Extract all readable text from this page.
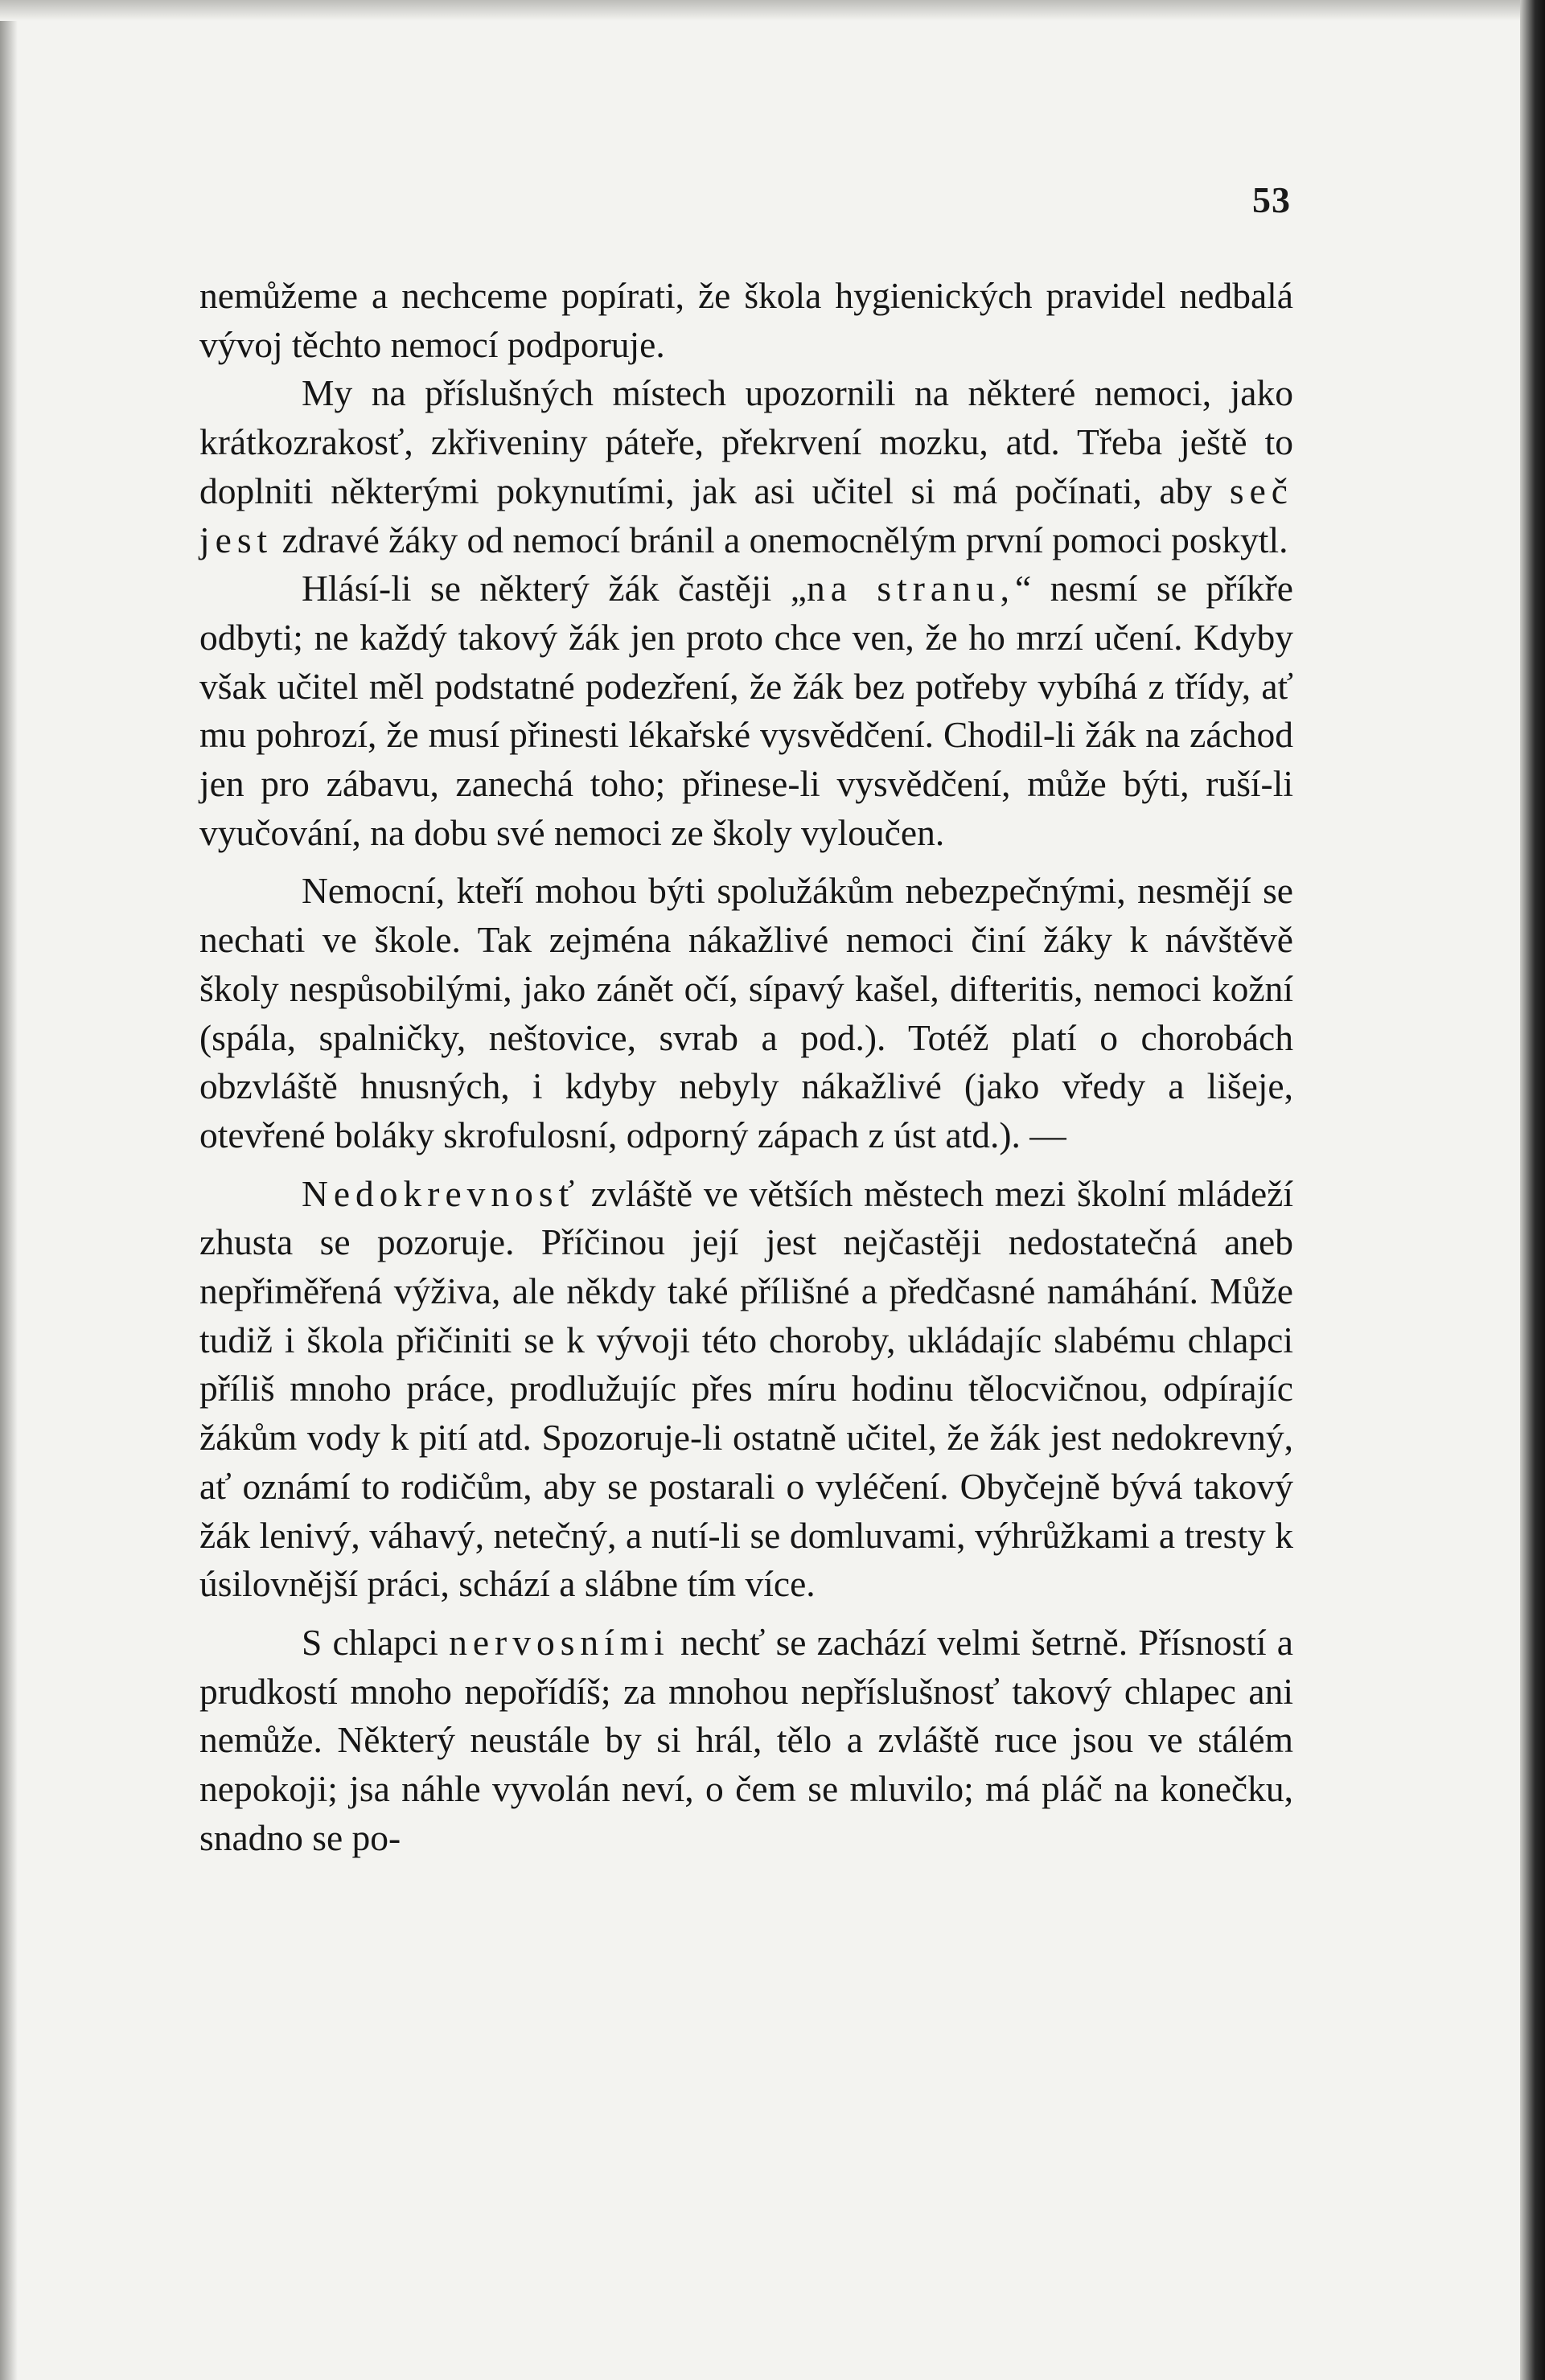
53

nemůžeme a nechceme popírati, že škola hygienických pravidel nedbalá vývoj těchto nemocí podporuje.

My na příslušných místech upozornili na některé nemoci, jako krátkozrakosť, zkřiveniny páteře, překrvení mozku, atd. Třeba ještě to doplniti některými pokynutími, jak asi učitel si má počínati, aby seč jest zdravé žáky od nemocí bránil a onemocnělým první pomoci poskytl.

Hlásí-li se některý žák častěji „na stranu,“ nesmí se příkře odbyti; ne každý takový žák jen proto chce ven, že ho mrzí učení. Kdyby však učitel měl podstatné podezření, že žák bez potřeby vybíhá z třídy, ať mu pohrozí, že musí přinesti lékařské vysvědčení. Chodil-li žák na záchod jen pro zábavu, zanechá toho; přinese-li vysvědčení, může býti, ruší-li vyučování, na dobu své nemoci ze školy vyloučen.

Nemocní, kteří mohou býti spolužákům nebezpečnými, nesmějí se nechati ve škole. Tak zejména nákažlivé nemoci činí žáky k návštěvě školy nespůsobilými, jako zánět očí, sípavý kašel, difteritis, nemoci kožní (spála, spalničky, neštovice, svrab a pod.). Totéž platí o chorobách obzvláště hnusných, i kdyby nebyly nákažlivé (jako vředy a lišeje, otevřené boláky skrofulosní, odporný zápach z úst atd.). —

Nedokrevnosť zvláště ve větších městech mezi školní mládeží zhusta se pozoruje. Příčinou její jest nejčastěji nedostatečná aneb nepřiměřená výživa, ale někdy také přílišné a předčasné namáhání. Může tudiž i škola přičiniti se k vývoji této choroby, ukládajíc slabému chlapci příliš mnoho práce, prodlužujíc přes míru hodinu tělocvičnou, odpírajíc žákům vody k pití atd. Spozoruje-li ostatně učitel, že žák jest nedokrevný, ať oznámí to rodičům, aby se postarali o vyléčení. Obyčejně bývá takový žák lenivý, váhavý, netečný, a nutí-li se domluvami, výhrůžkami a tresty k úsilovnější práci, schází a slábne tím více.

S chlapci nervosními nechť se zachází velmi šetrně. Přísností a prudkostí mnoho nepořídíš; za mnohou nepříslušnosť takový chlapec ani nemůže. Některý neustále by si hrál, tělo a zvláště ruce jsou ve stálém nepokoji; jsa náhle vyvolán neví, o čem se mluvilo; má pláč na konečku, snadno se po-
